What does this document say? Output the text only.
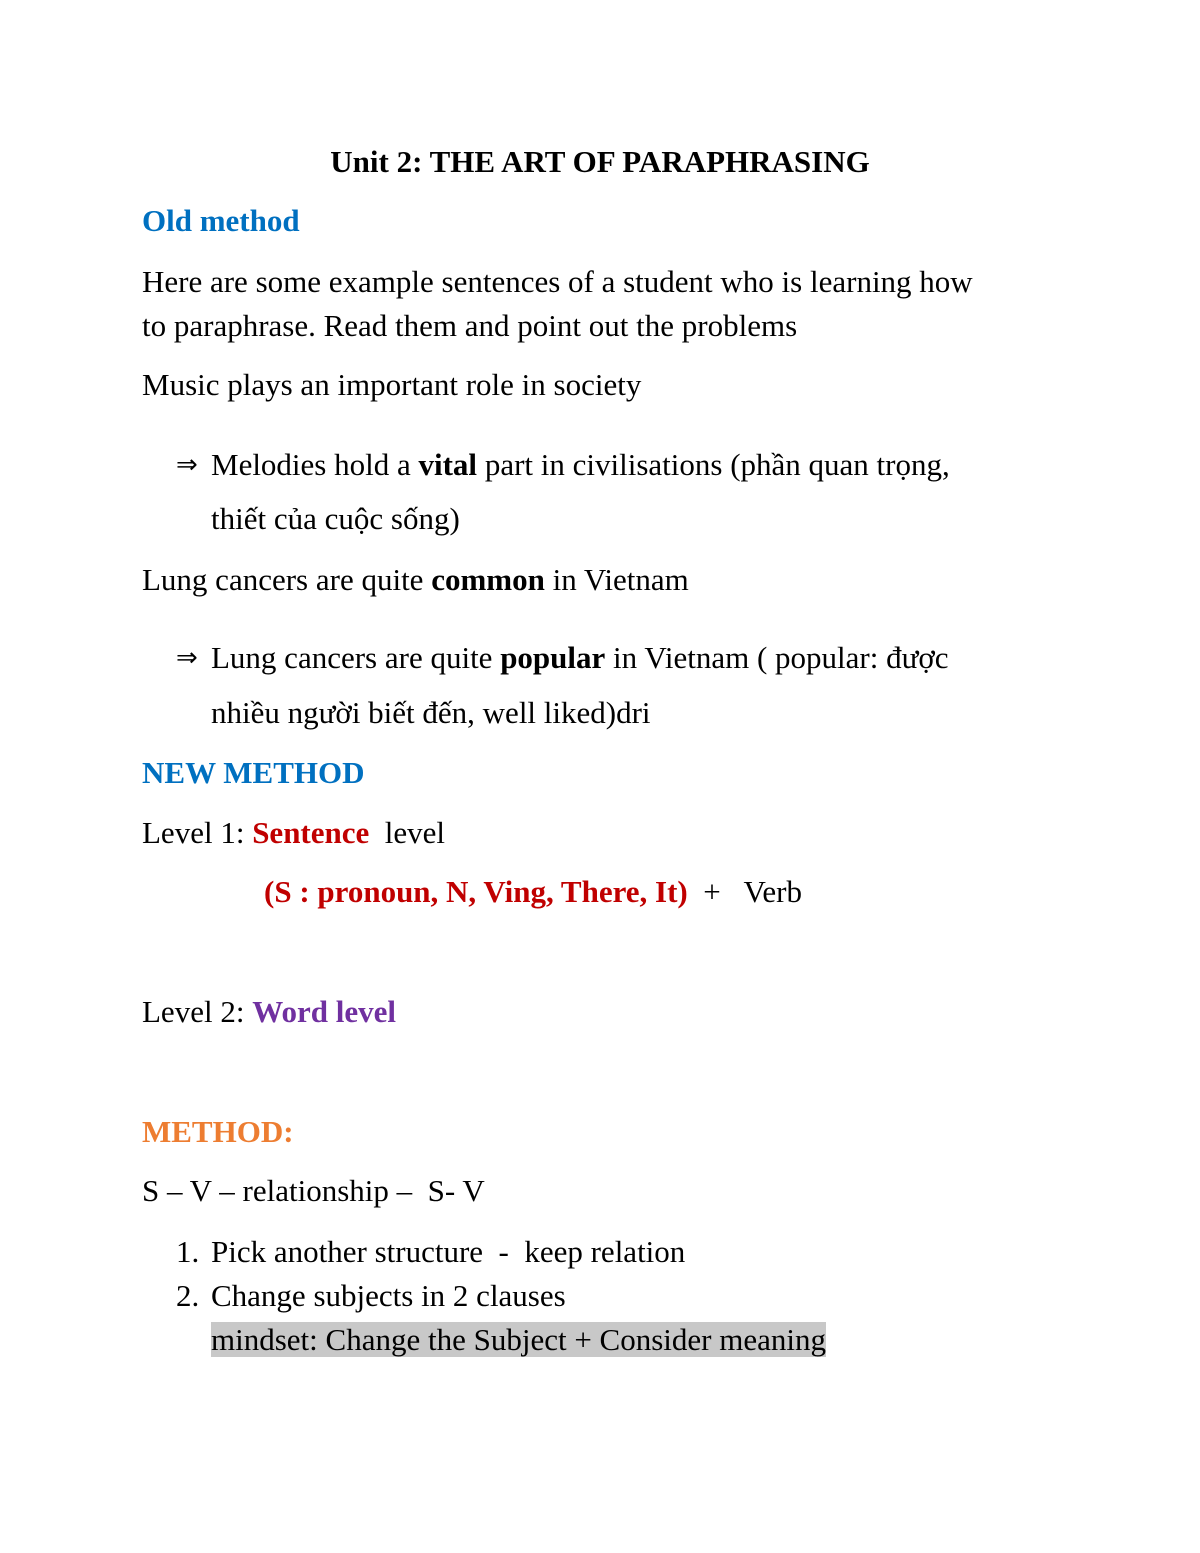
Unit 2: THE ART OF PARAPHRASING

Old method

Here are some example sentences of a student who is learning how

to paraphrase. Read them and point out the problems

Music plays an important role in society

⇒ Melodies hold a vital part in civilisations (phần quan trọng,

thiết của cuộc sống)

Lung cancers are quite common in Vietnam

⇒ Lung cancers are quite popular in Vietnam ( popular: được

nhiều người biết đến, well liked)dri

NEW METHOD

Level 1: Sentence  level

(S : pronoun, N, Ving, There, It)  +   Verb

Level 2: Word level

METHOD:

S – V – relationship –  S- V

1. Pick another structure  -  keep relation

2. Change subjects in 2 clauses

mindset: Change the Subject + Consider meaning
